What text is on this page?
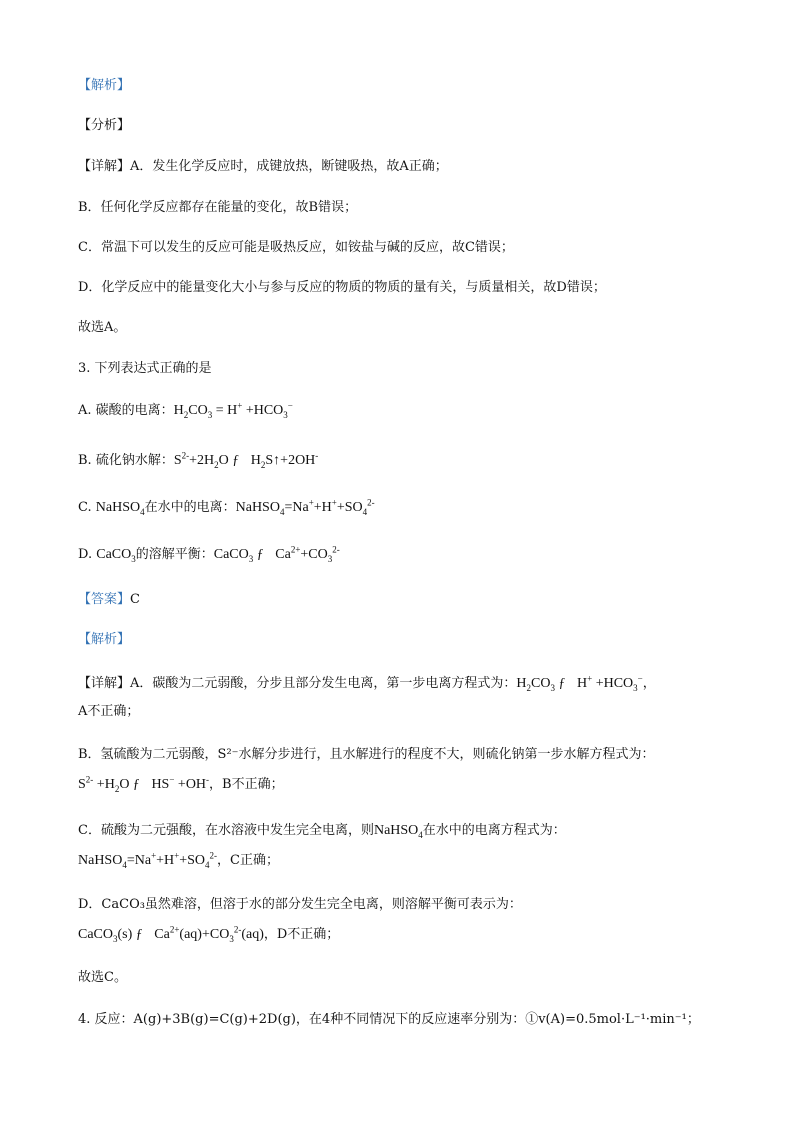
【解析】
【分析】
【详解】A．发生化学反应时，成键放热，断键吸热，故A正确；
B．任何化学反应都存在能量的变化，故B错误；
C．常温下可以发生的反应可能是吸热反应，如铵盐与碱的反应，故C错误；
D．化学反应中的能量变化大小与参与反应的物质的物质的量有关，与质量相关，故D错误；
故选A。
3. 下列表达式正确的是
A. 碳酸的电离：$H_2CO_3 = H^+ +HCO_3^-$
B. 硫化钠水解：$S^{2-}+2H_2O$ ƒ $H_2S↑+2OH^-$
C. NaHSO$_4$在水中的电离：$NaHSO_4=Na^++H^++SO_4^{2-}$
D. CaCO$_3$的溶解平衡：CaCO$_3$ ƒ $Ca^{2+}+CO_3^{2-}$
【答案】C
【解析】
【详解】A．碳酸为二元弱酸，分步且部分发生电离，第一步电离方程式为：$H_2CO_3$ ƒ $H^+ +HCO_3^-$，
A不正确；
B．氢硫酸为二元弱酸，S²⁻水解分步进行，且水解进行的程度不大，则硫化钠第一步水解方程式为：
$S^{2-} +H_2O$ ƒ HS− +OH-，B不正确；
C．硫酸为二元强酸，在水溶液中发生完全电离，则NaHSO$_4$在水中的电离方程式为：
$NaHSO_4=Na^++H^++SO_4^{2-}$，C正确；
D．CaCO₃虽然难溶，但溶于水的部分发生完全电离，则溶解平衡可表示为：
CaCO$_3$(s) ƒ $Ca^{2+}(aq)+CO_3^{2-}(aq)$，D不正确；
故选C。
4. 反应：A(g)+3B(g)=C(g)+2D(g)，在4种不同情况下的反应速率分别为：①v(A)=0.5mol·L⁻¹·min⁻¹；
